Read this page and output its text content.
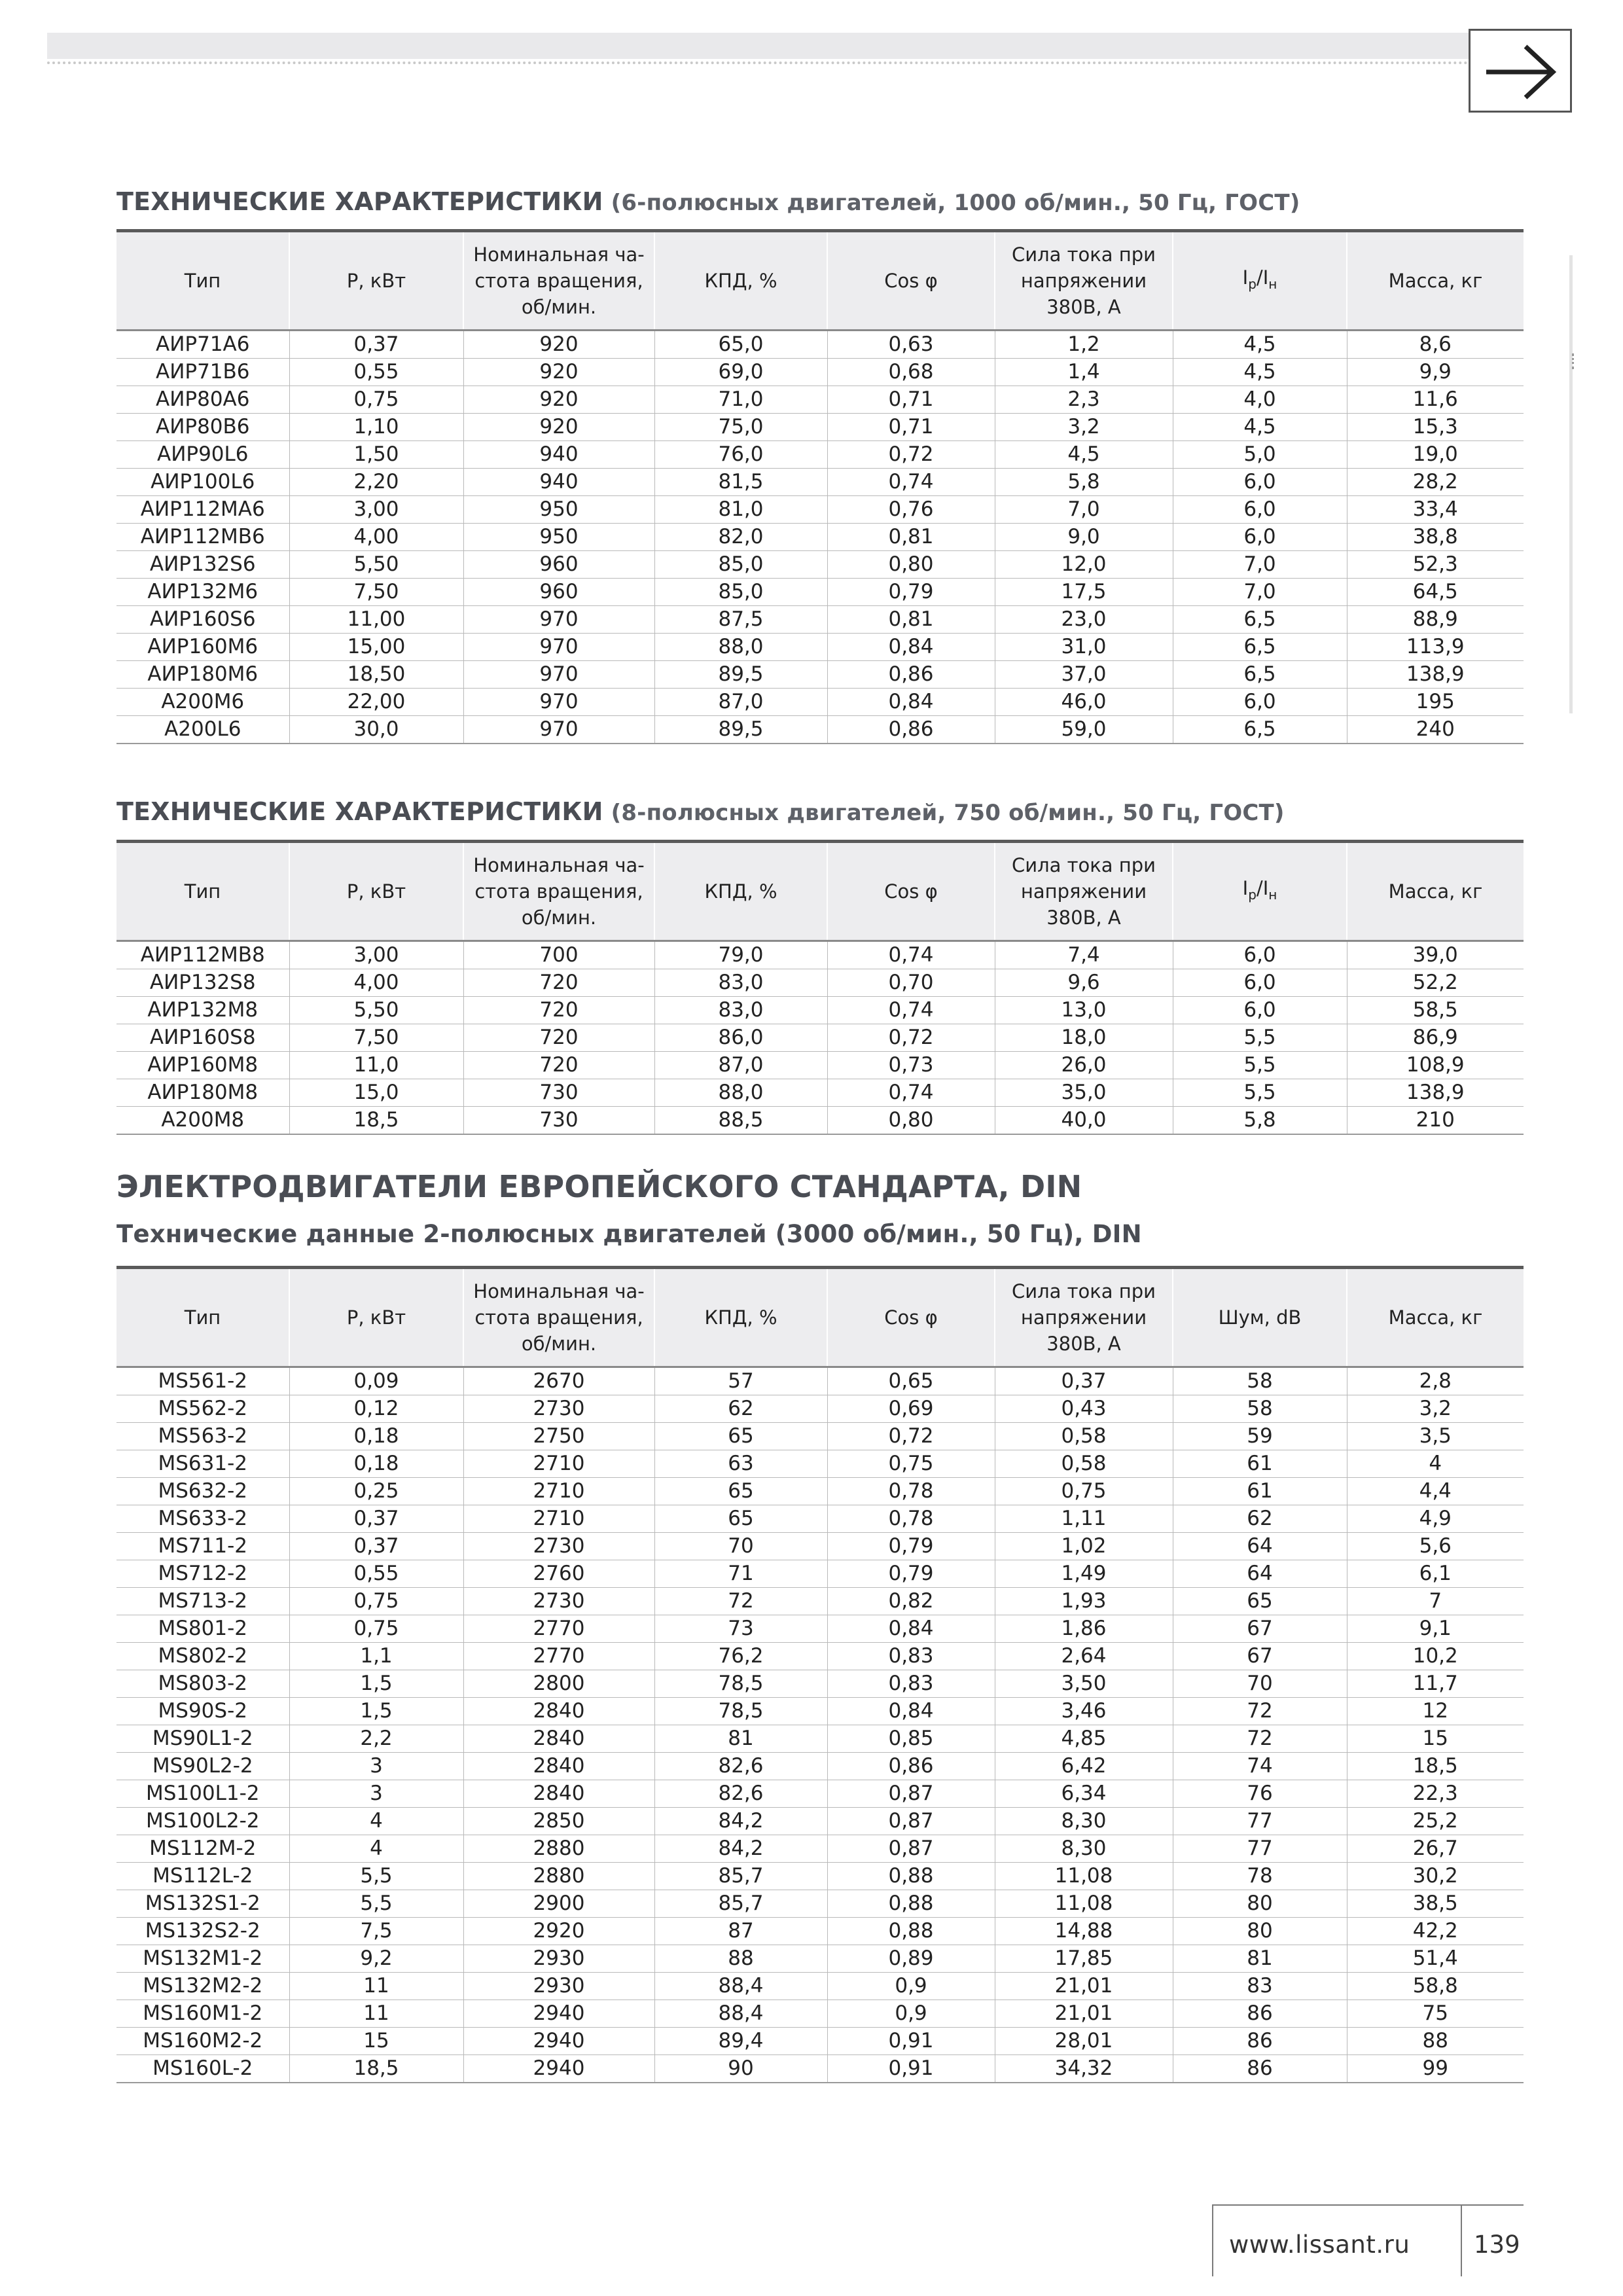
ТЕХНИЧЕСКИЕ ХАРАКТЕРИСТИКИ (6-полюсных двигателей, 1000 об/мин., 50 Гц, ГОСТ)
Тип	Р, кВт	Номинальная ча-стота вращения, об/мин.	КПД, %	Cos φ	Сила тока при напряжении 380В, А	$I_р/I_н$	Масса, кг
АИР71А6	0,37	920	65,0	0,63	1,2	4,5	8,6
АИР71В6	0,55	920	69,0	0,68	1,4	4,5	9,9
АИР80А6	0,75	920	71,0	0,71	2,3	4,0	11,6
АИР80В6	1,10	920	75,0	0,71	3,2	4,5	15,3
АИР90L6	1,50	940	76,0	0,72	4,5	5,0	19,0
АИР100L6	2,20	940	81,5	0,74	5,8	6,0	28,2
АИР112МА6	3,00	950	81,0	0,76	7,0	6,0	33,4
АИР112МВ6	4,00	950	82,0	0,81	9,0	6,0	38,8
АИР132S6	5,50	960	85,0	0,80	12,0	7,0	52,3
АИР132М6	7,50	960	85,0	0,79	17,5	7,0	64,5
АИР160S6	11,00	970	87,5	0,81	23,0	6,5	88,9
АИР160М6	15,00	970	88,0	0,84	31,0	6,5	113,9
АИР180М6	18,50	970	89,5	0,86	37,0	6,5	138,9
А200М6	22,00	970	87,0	0,84	46,0	6,0	195
А200L6	30,0	970	89,5	0,86	59,0	6,5	240
ТЕХНИЧЕСКИЕ ХАРАКТЕРИСТИКИ (8-полюсных двигателей, 750 об/мин., 50 Гц, ГОСТ)
Тип	Р, кВт	Номинальная ча-стота вращения, об/мин.	КПД, %	Cos φ	Сила тока при напряжении 380В, А	$I_р/I_н$	Масса, кг
АИР112МВ8	3,00	700	79,0	0,74	7,4	6,0	39,0
АИР132S8	4,00	720	83,0	0,70	9,6	6,0	52,2
АИР132М8	5,50	720	83,0	0,74	13,0	6,0	58,5
АИР160S8	7,50	720	86,0	0,72	18,0	5,5	86,9
АИР160М8	11,0	720	87,0	0,73	26,0	5,5	108,9
АИР180М8	15,0	730	88,0	0,74	35,0	5,5	138,9
А200М8	18,5	730	88,5	0,80	40,0	5,8	210
ЭЛЕКТРОДВИГАТЕЛИ ЕВРОПЕЙСКОГО СТАНДАРТА, DIN
Технические данные 2-полюсных двигателей (3000 об/мин., 50 Гц), DIN
Тип	Р, кВт	Номинальная ча-стота вращения, об/мин.	КПД, %	Cos φ	Сила тока при напряжении 380В, А	Шум, dB	Масса, кг
MS561-2	0,09	2670	57	0,65	0,37	58	2,8
MS562-2	0,12	2730	62	0,69	0,43	58	3,2
MS563-2	0,18	2750	65	0,72	0,58	59	3,5
MS631-2	0,18	2710	63	0,75	0,58	61	4
MS632-2	0,25	2710	65	0,78	0,75	61	4,4
MS633-2	0,37	2710	65	0,78	1,11	62	4,9
MS711-2	0,37	2730	70	0,79	1,02	64	5,6
MS712-2	0,55	2760	71	0,79	1,49	64	6,1
MS713-2	0,75	2730	72	0,82	1,93	65	7
MS801-2	0,75	2770	73	0,84	1,86	67	9,1
MS802-2	1,1	2770	76,2	0,83	2,64	67	10,2
MS803-2	1,5	2800	78,5	0,83	3,50	70	11,7
MS90S-2	1,5	2840	78,5	0,84	3,46	72	12
MS90L1-2	2,2	2840	81	0,85	4,85	72	15
MS90L2-2	3	2840	82,6	0,86	6,42	74	18,5
MS100L1-2	3	2840	82,6	0,87	6,34	76	22,3
MS100L2-2	4	2850	84,2	0,87	8,30	77	25,2
MS112M-2	4	2880	84,2	0,87	8,30	77	26,7
MS112L-2	5,5	2880	85,7	0,88	11,08	78	30,2
MS132S1-2	5,5	2900	85,7	0,88	11,08	80	38,5
MS132S2-2	7,5	2920	87	0,88	14,88	80	42,2
MS132M1-2	9,2	2930	88	0,89	17,85	81	51,4
MS132M2-2	11	2930	88,4	0,9	21,01	83	58,8
MS160M1-2	11	2940	88,4	0,9	21,01	86	75
MS160M2-2	15	2940	89,4	0,91	28,01	86	88
MS160L-2	18,5	2940	90	0,91	34,32	86	99
www.lissant.ru	139
